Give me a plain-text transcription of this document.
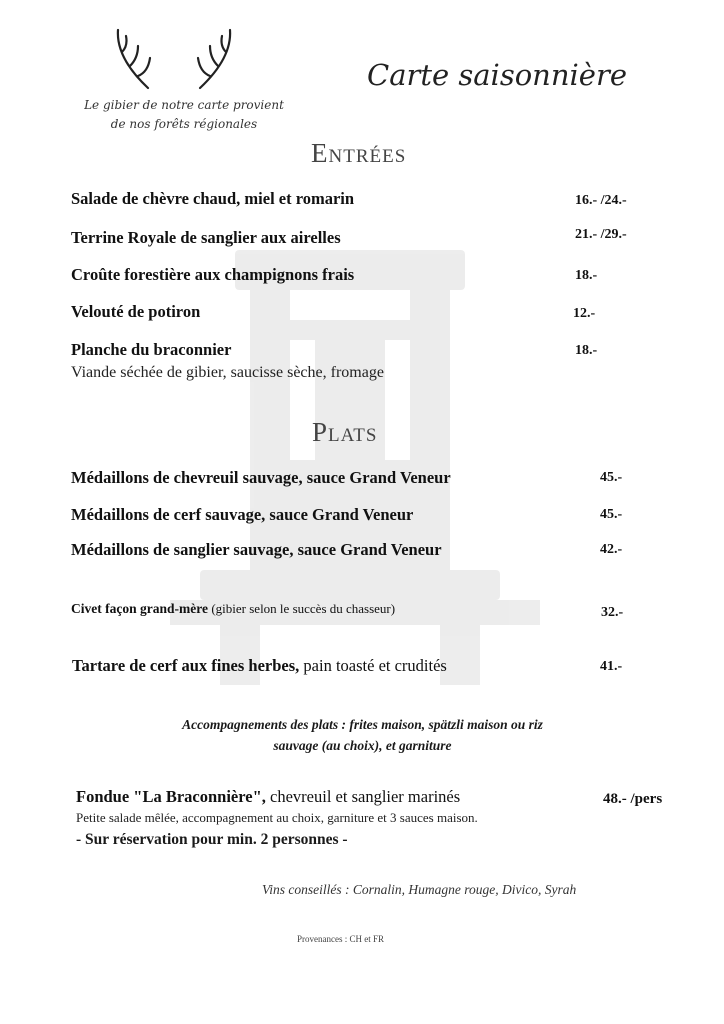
Carte saisonnière
Le gibier de notre carte provient
de nos forêts régionales
Entrées
Salade de chèvre chaud, miel et romarin	16.- /24.-
Terrine Royale de sanglier aux airelles	21.- /29.-
Croûte forestière aux champignons frais	18.-
Velouté de potiron	12.-
Planche du braconnier	18.-
Viande séchée de gibier, saucisse sèche, fromage
Plats
Médaillons de chevreuil sauvage, sauce Grand Veneur	45.-
Médaillons de cerf sauvage, sauce Grand Veneur	45.-
Médaillons de sanglier sauvage, sauce Grand Veneur	42.-
Civet façon grand-mère (gibier selon le succès du chasseur)	32.-
Tartare de cerf aux fines herbes, pain toasté et crudités	41.-
Accompagnements des plats : frites maison, spätzli maison ou riz
sauvage (au choix), et garniture
Fondue "La Braconnière", chevreuil et sanglier marinés	48.- /pers
Petite salade mêlée, accompagnement au choix, garniture et 3 sauces maison.
- Sur réservation pour min. 2 personnes -
Vins conseillés : Cornalin, Humagne rouge, Divico, Syrah
Provenances : CH et FR
